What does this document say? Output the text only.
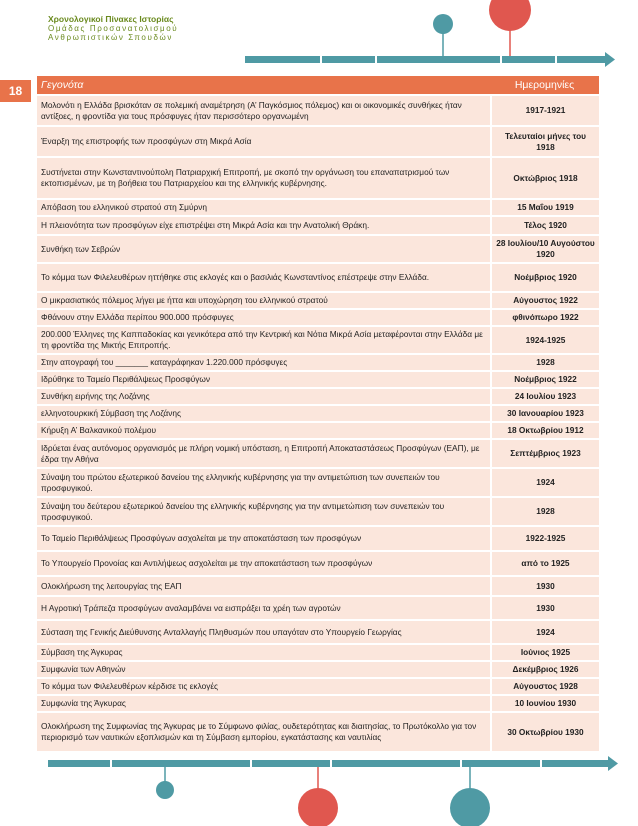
Χρονολογικοί Πίνακες Ιστορίας
Ομάδας Προσανατολισμού
Ανθρωπιστικών Σπουδών
18	Γεγονότα	Ημερομηνίες
Μολονότι η Ελλάδα βρισκόταν σε πολεμική αναμέτρηση (Α’ Παγκόσμιος πόλεμος) και οι οικονομικές συνθήκες ήταν αντίξοες, η φροντίδα για τους πρόσφυγες ήταν περισσότερο οργανωμένη	1917-1921
Έναρξη της επιστροφής των προσφύγων στη Μικρά Ασία	Τελευταίοι μήνες του 1918
Συστήνεται στην Κωνσταντινούπολη Πατριαρχική Επιτροπή, με σκοπό την οργάνωση του επαναπατρισμού των εκτοπισμένων, με τη βοήθεια του Πατριαρχείου και της ελληνικής κυβέρνησης.	Οκτώβριος 1918
Απόβαση του ελληνικού στρατού στη Σμύρνη	15 Μαΐου 1919
Η πλειονότητα των προσφύγων είχε επιστρέψει στη Μικρά Ασία και την Ανατολική Θράκη.	Τέλος 1920
Συνθήκη των Σεβρών	28 Ιουλίου/10 Αυγούστου 1920
Το κόμμα των Φιλελευθέρων ηττήθηκε στις εκλογές και ο βασιλιάς Κωνσταντίνος επέστρεψε στην Ελλάδα.	Νοέμβριος 1920
Ο μικρασιατικός πόλεμος λήγει με ήττα και υποχώρηση του ελληνικού στρατού	Αύγουστος 1922
Φθάνουν στην Ελλάδα περίπου 900.000 πρόσφυγες	φθινόπωρο 1922
200.000 Έλληνες της Καππαδοκίας και γενικότερα από την Κεντρική και Νότια Μικρά Ασία μεταφέρονται στην Ελλάδα με τη φροντίδα της Μικτής Επιτροπής.	1924-1925
Στην απογραφή του _______ καταγράφηκαν 1.220.000 πρόσφυγες	1928
Ιδρύθηκε το Ταμείο Περιθάλψεως Προσφύγων	Νοέμβριος 1922
Συνθήκη ειρήνης της Λοζάνης	24 Ιουλίου 1923
ελληνοτουρκική Σύμβαση της Λοζάνης	30 Ιανουαρίου 1923
Κήρυξη Α’ Βαλκανικού πολέμου	18 Οκτωβρίου 1912
Ιδρύεται ένας αυτόνομος οργανισμός με πλήρη νομική υπόσταση, η Επιτροπή Αποκαταστάσεως Προσφύγων (ΕΑΠ), με έδρα την Αθήνα	Σεπτέμβριος 1923
Σύναψη του πρώτου εξωτερικού δανείου της ελληνικής κυβέρνησης για την αντιμετώπιση των συνεπειών του προσφυγικού.	1924
Σύναψη του δεύτερου εξωτερικού δανείου της ελληνικής κυβέρνησης για την αντιμετώπιση των συνεπειών του προσφυγικού.	1928
Το Ταμείο Περιθάλψεως Προσφύγων ασχολείται με την αποκατάσταση των προσφύγων	1922-1925
Το Υπουργείο Προνοίας και Αντιλήψεως ασχολείται με την αποκατάσταση των προσφύγων	από το 1925
Ολοκλήρωση της λειτουργίας της ΕΑΠ	1930
Η Αγροτική Τράπεζα προσφύγων αναλαμβάνει να εισπράξει τα χρέη των αγροτών	1930
Σύσταση της Γενικής Διεύθυνσης Ανταλλαγής Πληθυσμών που υπαγόταν στο Υπουργείο Γεωργίας	1924
Σύμβαση της Άγκυρας	Ιούνιος 1925
Συμφωνία των Αθηνών	Δεκέμβριος 1926
Το κόμμα των Φιλελευθέρων κέρδισε τις εκλογές	Αύγουστος 1928
Συμφωνία της Άγκυρας	10 Ιουνίου 1930
Ολοκλήρωση της Συμφωνίας της Άγκυρας με το Σύμφωνο φιλίας, ουδετερότητας και διαιτησίας, το Πρωτόκολλο για τον περιορισμό των ναυτικών εξοπλισμών και τη Σύμβαση εμπορίου, εγκατάστασης και ναυτιλίας	30 Οκτωβρίου 1930
